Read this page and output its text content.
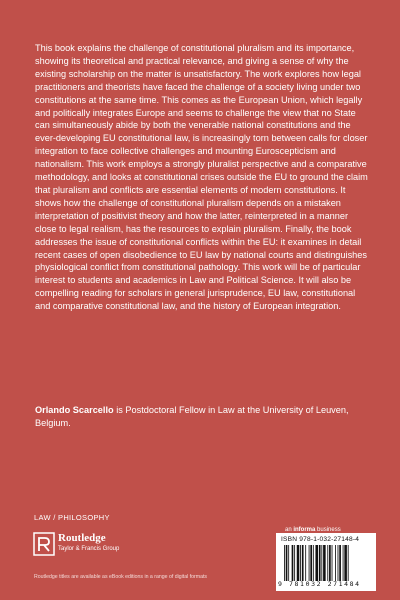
This book explains the challenge of constitutional pluralism and its importance, showing its theoretical and practical relevance, and giving a sense of why the existing scholarship on the matter is unsatisfactory. The work explores how legal practitioners and theorists have faced the challenge of a society living under two constitutions at the same time. This comes as the European Union, which legally and politically integrates Europe and seems to challenge the view that no State can simultaneously abide by both the venerable national constitutions and the ever-developing EU constitutional law, is increasingly torn between calls for closer integration to face collective challenges and mounting Euroscepticism and nationalism. This work employs a strongly pluralist perspective and a comparative methodology, and looks at constitutional crises outside the EU to ground the claim that pluralism and conflicts are essential elements of modern constitutions. It shows how the challenge of constitutional pluralism depends on a mistaken interpretation of positivist theory and how the latter, reinterpreted in a manner close to legal realism, has the resources to explain pluralism. Finally, the book addresses the issue of constitutional conflicts within the EU: it examines in detail recent cases of open disobedience to EU law by national courts and distinguishes physiological conflict from constitutional pathology. This work will be of particular interest to students and academics in Law and Political Science. It will also be compelling reading for scholars in general jurisprudence, EU law, constitutional and comparative constitutional law, and the history of European integration.

Orlando Scarcello is Postdoctoral Fellow in Law at the University of Leuven, Belgium.

LAW / PHILOSOPHY
Routledge
Taylor & Francis Group
Routledge titles are available as eBook editions in a range of digital formats
an informa business
ISBN 978-1-032-27148-4
9 781032 271484
